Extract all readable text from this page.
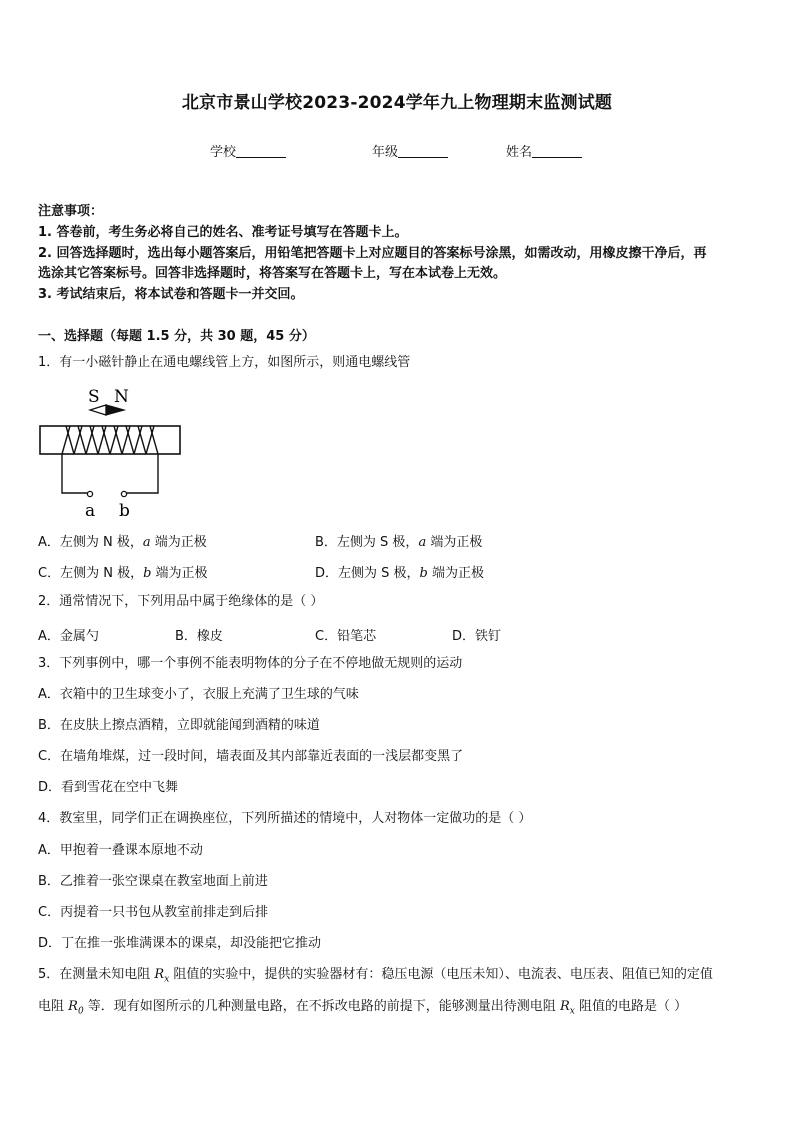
北京市景山学校2023-2024学年九上物理期末监测试题
学校	年级	姓名
注意事项：
1. 答卷前，考生务必将自己的姓名、准考证号填写在答题卡上。
2. 回答选择题时，选出每小题答案后，用铅笔把答题卡上对应题目的答案标号涂黑，如需改动，用橡皮擦干净后，再
选涂其它答案标号。回答非选择题时，将答案写在答题卡上，写在本试卷上无效。
3. 考试结束后，将本试卷和答题卡一并交回。
一、选择题（每题 1.5 分，共 30 题，45 分）
1．有一小磁针静止在通电螺线管上方，如图所示，则通电螺线管
S N
a b
A．左侧为 N 极，a 端为正极	B．左侧为 S 极，a 端为正极
C．左侧为 N 极，b 端为正极	D．左侧为 S 极，b 端为正极
2．通常情况下，下列用品中属于绝缘体的是（ ）
A．金属勺	B．橡皮	C．铅笔芯	D．铁钉
3．下列事例中，哪一个事例不能表明物体的分子在不停地做无规则的运动
A．衣箱中的卫生球变小了，衣服上充满了卫生球的气味
B．在皮肤上擦点酒精，立即就能闻到酒精的味道
C．在墙角堆煤，过一段时间，墙表面及其内部靠近表面的一浅层都变黑了
D．看到雪花在空中飞舞
4．教室里，同学们正在调换座位，下列所描述的情境中，人对物体一定做功的是（ ）
A．甲抱着一叠课本原地不动
B．乙推着一张空课桌在教室地面上前进
C．丙提着一只书包从教室前排走到后排
D．丁在推一张堆满课本的课桌，却没能把它推动
5．在测量未知电阻 $R_x$ 阻值的实验中，提供的实验器材有：稳压电源（电压未知）、电流表、电压表、阻值已知的定值
电阻 $R_0$ 等．现有如图所示的几种测量电路，在不拆改电路的前提下，能够测量出待测电阻 $R_x$ 阻值的电路是（ ）
